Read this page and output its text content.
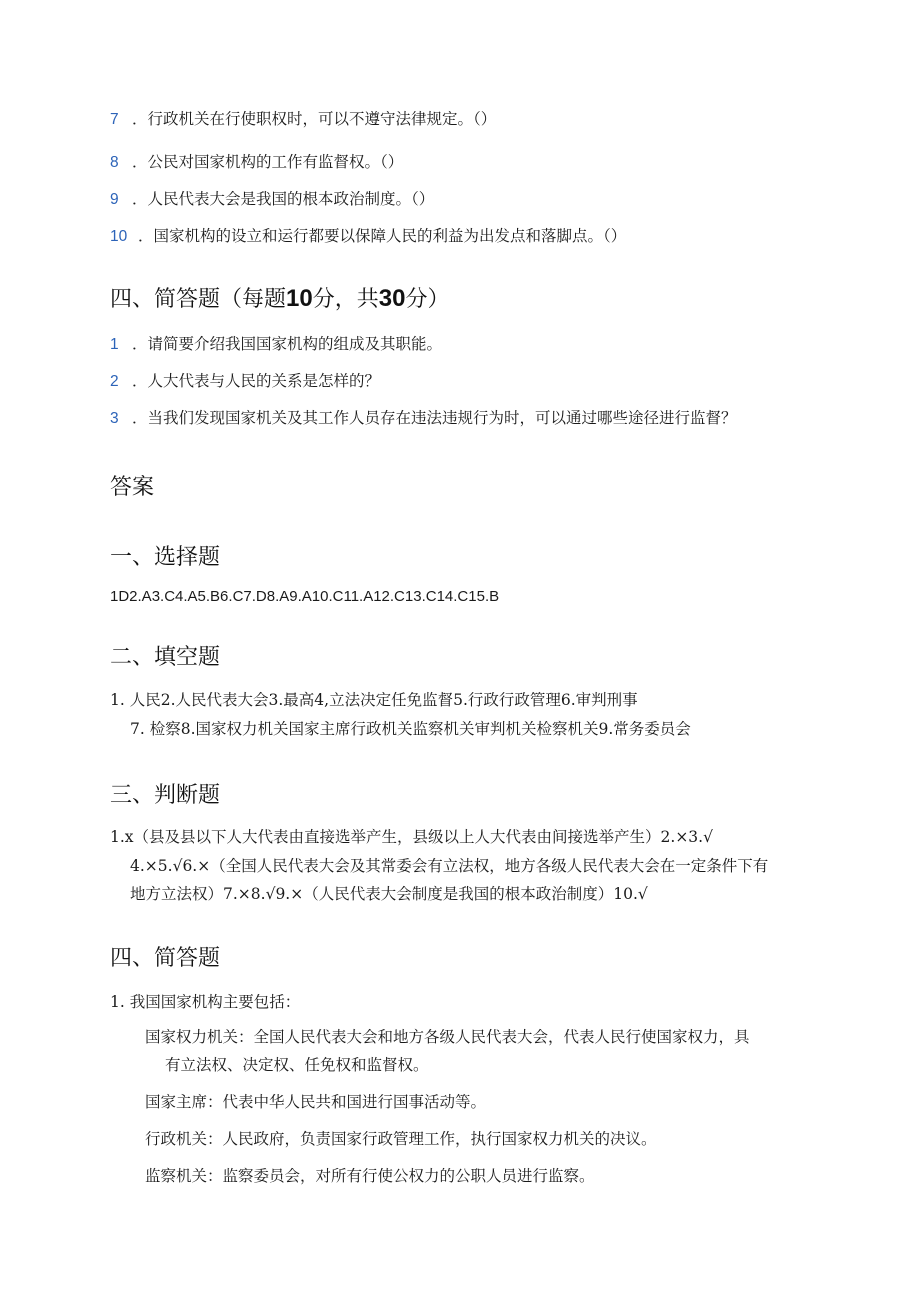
7 ．行政机关在行使职权时，可以不遵守法律规定。（）
8 ．公民对国家机构的工作有监督权。（）
9 ．人民代表大会是我国的根本政治制度。（）
10 ．国家机构的设立和运行都要以保障人民的利益为出发点和落脚点。（）
四、简答题（每题10分，共30分）
1 ．请简要介绍我国国家机构的组成及其职能。
2 ．人大代表与人民的关系是怎样的？
3 ．当我们发现国家机关及其工作人员存在违法违规行为时，可以通过哪些途径进行监督？
答案
一、选择题
1D2.A3.C4.A5.B6.C7.D8.A9.A10.C11.A12.C13.C14.C15.B
二、填空题
1. 人民2.人民代表大会3.最高4,立法决定任免监督5.行政行政管理6.审判刑事
7. 检察8.国家权力机关国家主席行政机关监察机关审判机关检察机关9.常务委员会
三、判断题
1.x（县及县以下人大代表由直接选举产生，县级以上人大代表由间接选举产生）2.×3.√
4.×5.√6.×（全国人民代表大会及其常委会有立法权，地方各级人民代表大会在一定条件下有
地方立法权）7.×8.√9.×（人民代表大会制度是我国的根本政治制度）10.√
四、简答题
1. 我国国家机构主要包括：
国家权力机关：全国人民代表大会和地方各级人民代表大会，代表人民行使国家权力，具
有立法权、决定权、任免权和监督权。
国家主席：代表中华人民共和国进行国事活动等。
行政机关：人民政府，负责国家行政管理工作，执行国家权力机关的决议。
监察机关：监察委员会，对所有行使公权力的公职人员进行监察。
